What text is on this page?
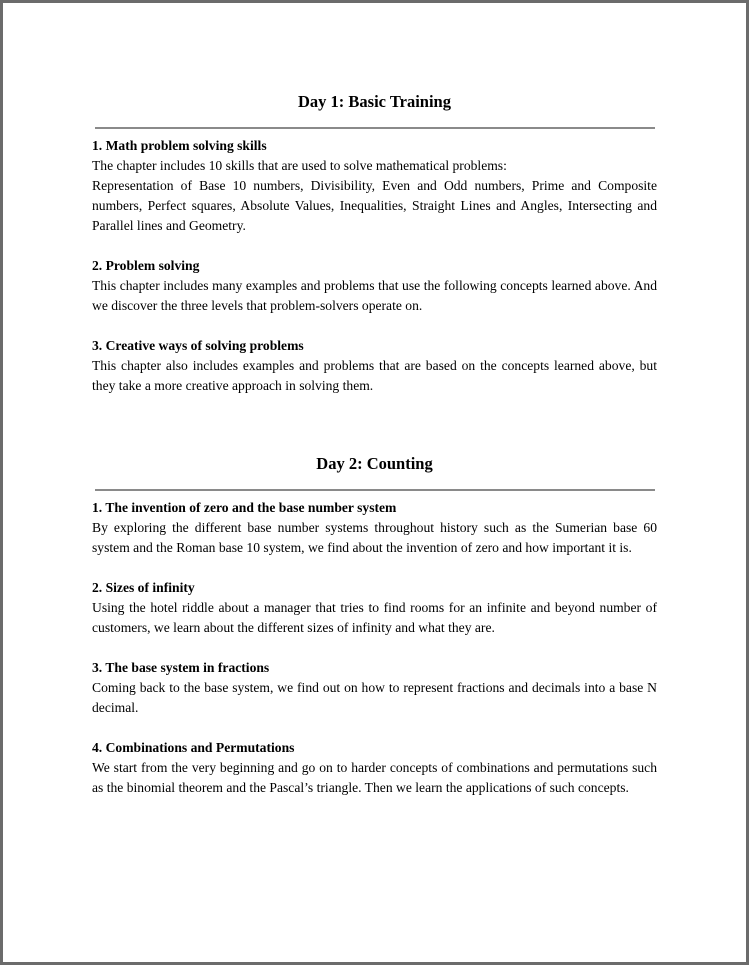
Day 1: Basic Training

1. Math problem solving skills

The chapter includes 10 skills that are used to solve mathematical problems:

Representation of Base 10 numbers, Divisibility, Even and Odd numbers, Prime and Composite numbers, Perfect squares, Absolute Values, Inequalities, Straight Lines and Angles, Intersecting and Parallel lines and Geometry.

2. Problem solving

This chapter includes many examples and problems that use the following concepts learned above. And we discover the three levels that problem-solvers operate on.

3. Creative ways of solving problems

This chapter also includes examples and problems that are based on the concepts learned above, but they take a more creative approach in solving them.

Day 2: Counting

1. The invention of zero and the base number system

By exploring the different base number systems throughout history such as the Sumerian base 60 system and the Roman base 10 system, we find about the invention of zero and how important it is.

2. Sizes of infinity

Using the hotel riddle about a manager that tries to find rooms for an infinite and beyond number of customers, we learn about the different sizes of infinity and what they are.

3. The base system in fractions

Coming back to the base system, we find out on how to represent fractions and decimals into a base N decimal.

4. Combinations and Permutations

We start from the very beginning and go on to harder concepts of combinations and permutations such as the binomial theorem and the Pascal’s triangle. Then we learn the applications of such concepts.
